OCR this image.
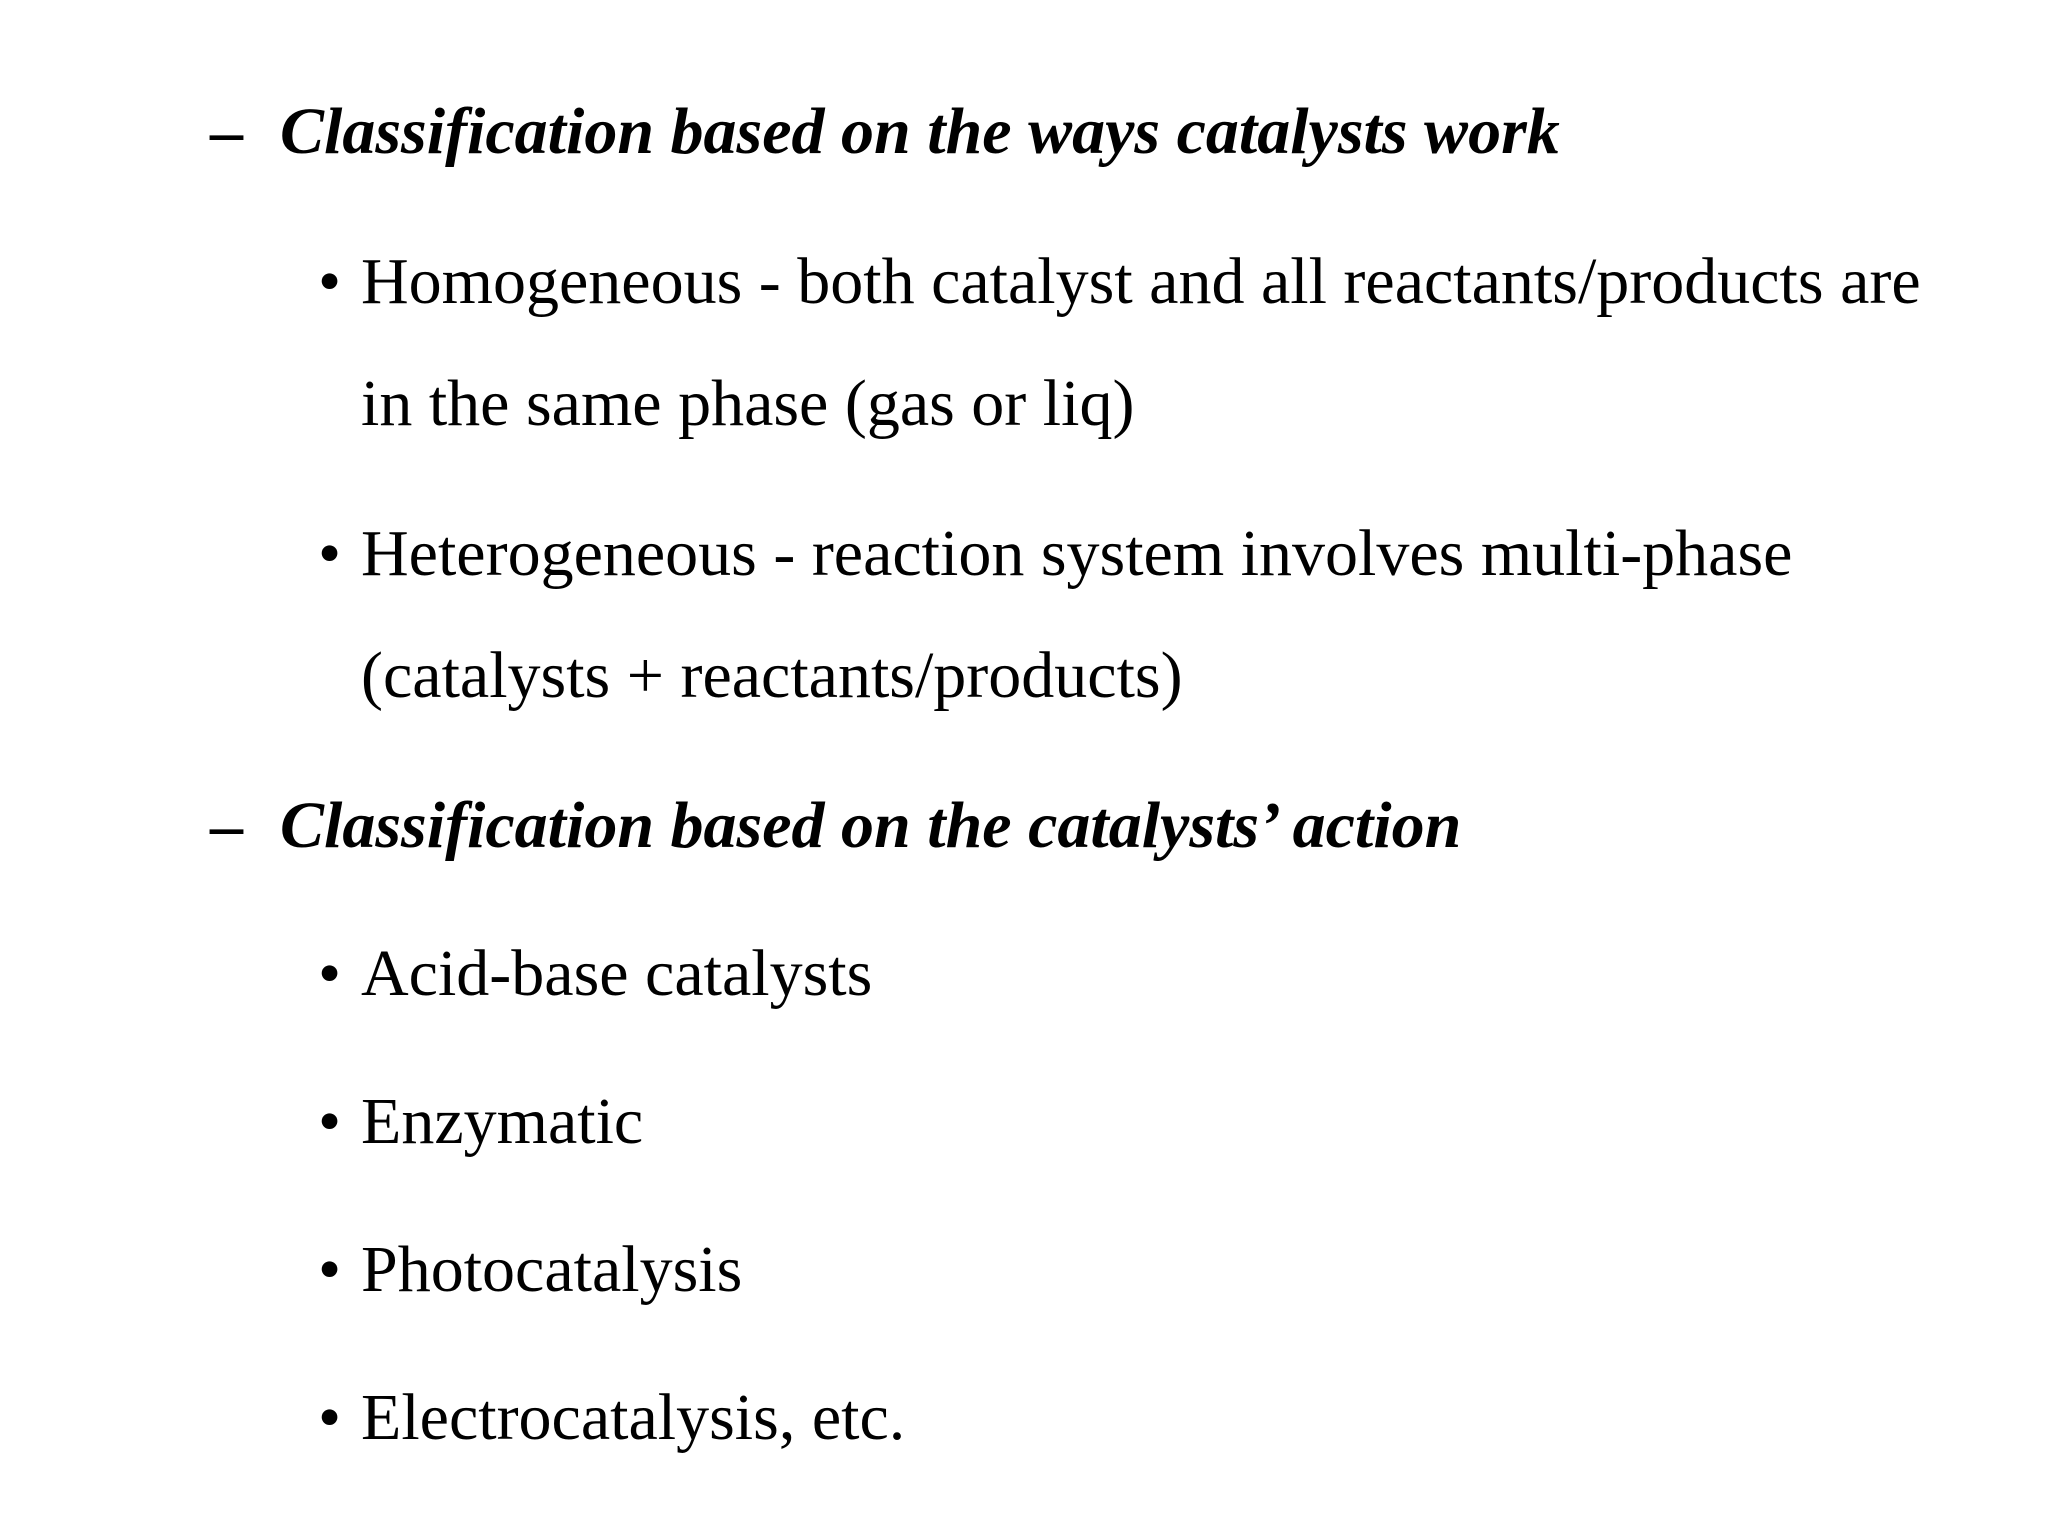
– Classification based on the ways catalysts work
• Homogeneous - both catalyst and all reactants/products are
in the same phase (gas or liq)
• Heterogeneous - reaction system involves multi-phase
(catalysts + reactants/products)
– Classification based on the catalysts’ action
• Acid-base catalysts
• Enzymatic
• Photocatalysis
• Electrocatalysis, etc.
